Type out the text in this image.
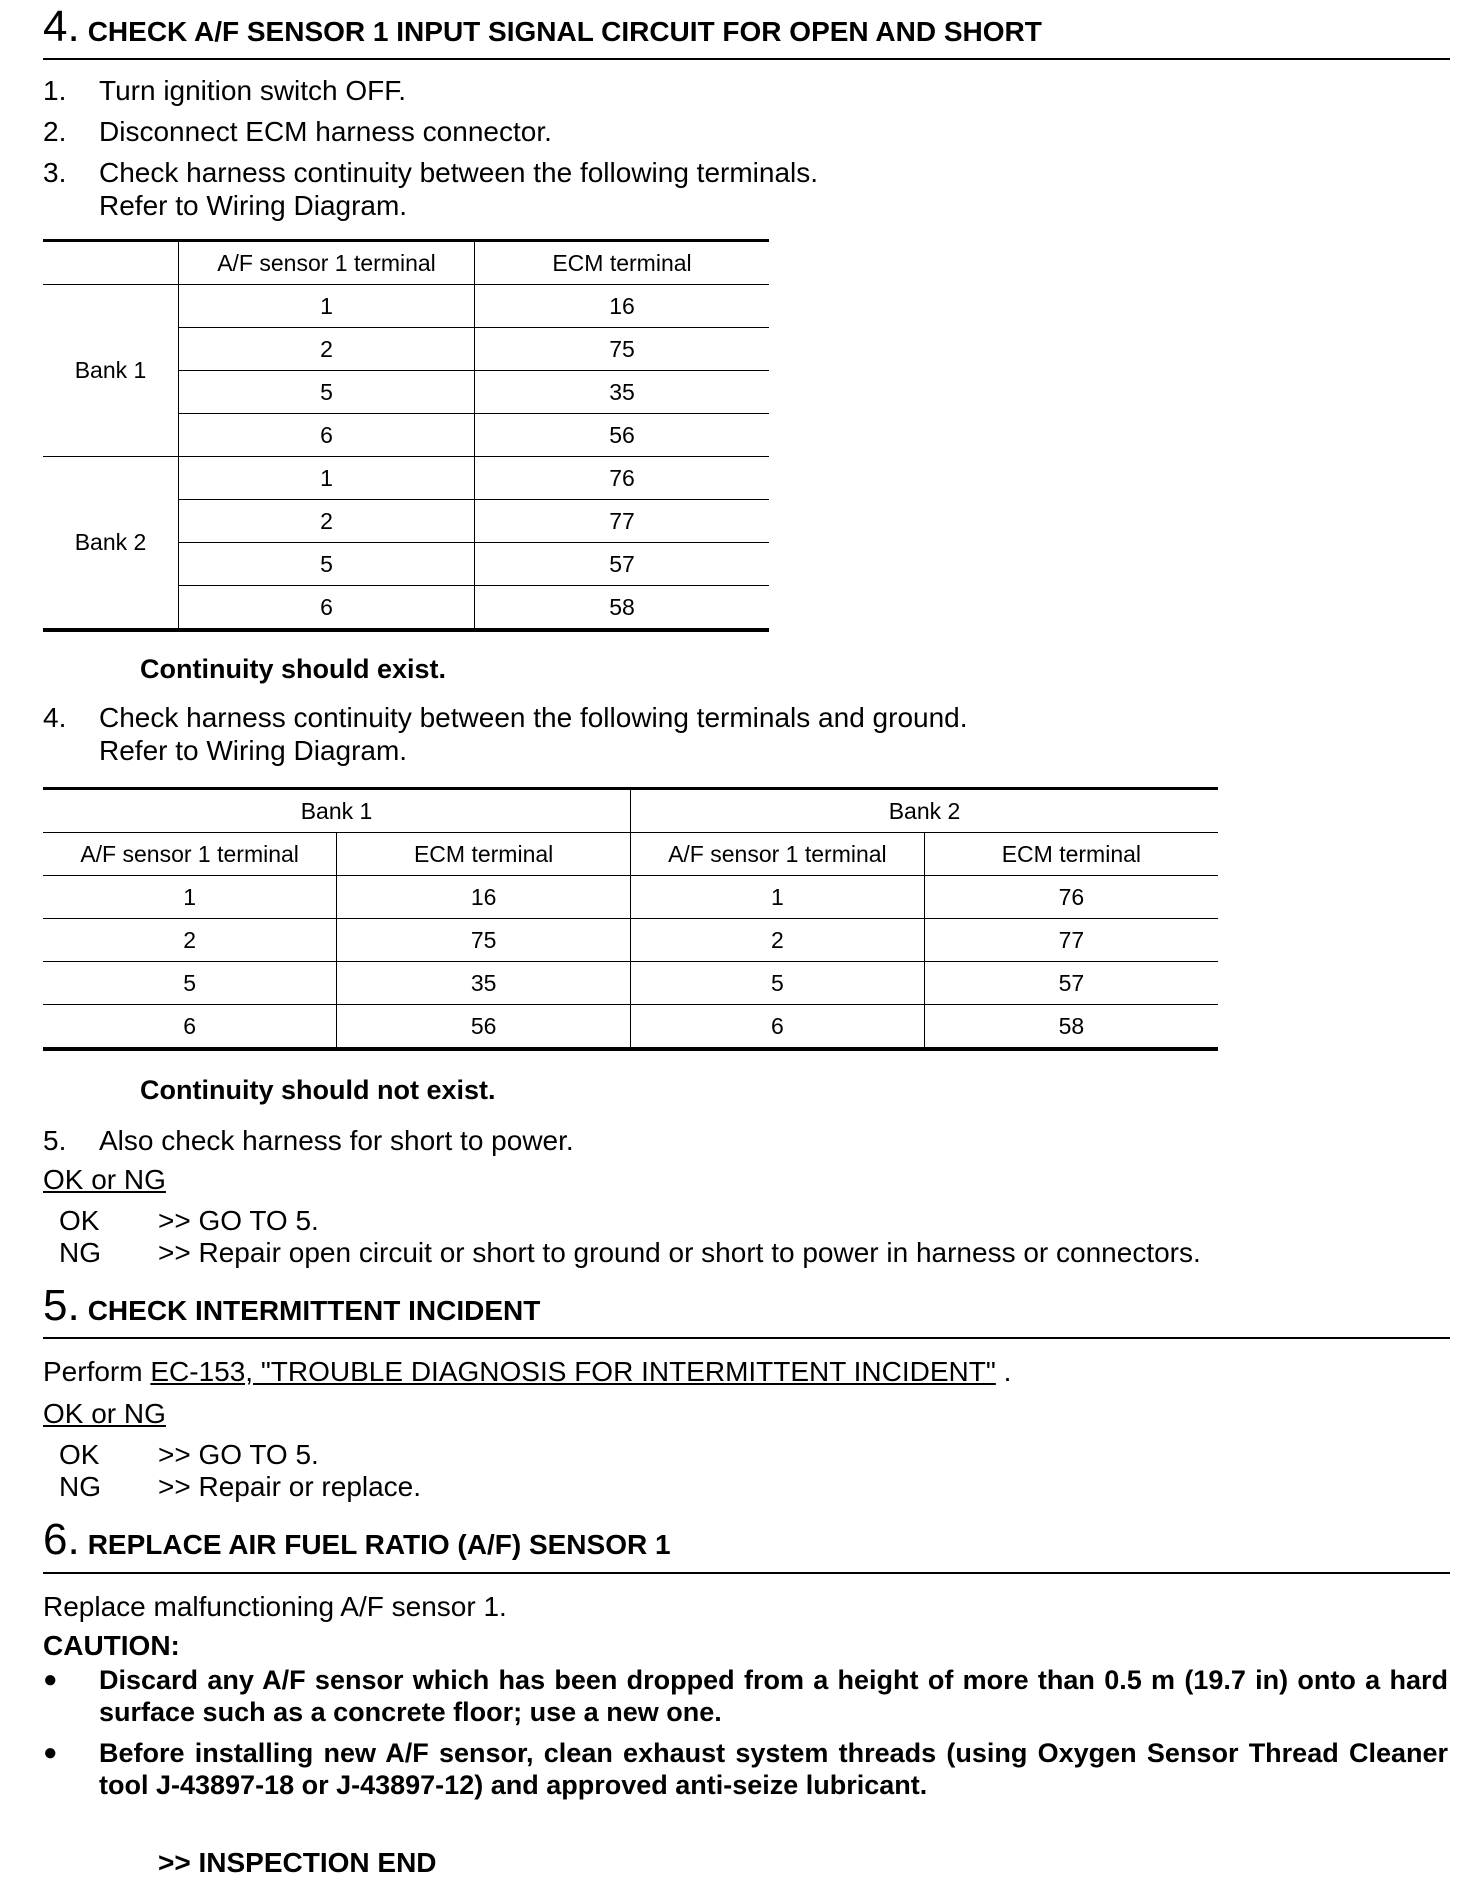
4. CHECK A/F SENSOR 1 INPUT SIGNAL CIRCUIT FOR OPEN AND SHORT
1. Turn ignition switch OFF.
2. Disconnect ECM harness connector.
3. Check harness continuity between the following terminals.
Refer to Wiring Diagram.
	A/F sensor 1 terminal	ECM terminal
Bank 1	1	16
	2	75
	5	35
	6	56
Bank 2	1	76
	2	77
	5	57
	6	58
Continuity should exist.
4. Check harness continuity between the following terminals and ground.
Refer to Wiring Diagram.
Bank 1		Bank 2	
A/F sensor 1 terminal	ECM terminal	A/F sensor 1 terminal	ECM terminal
1	16	1	76
2	75	2	77
5	35	5	57
6	56	6	58
Continuity should not exist.
5. Also check harness for short to power.
OK or NG
OK >> GO TO 5.
NG >> Repair open circuit or short to ground or short to power in harness or connectors.
5. CHECK INTERMITTENT INCIDENT
Perform EC-153, "TROUBLE DIAGNOSIS FOR INTERMITTENT INCIDENT" .
OK or NG
OK >> GO TO 5.
NG >> Repair or replace.
6. REPLACE AIR FUEL RATIO (A/F) SENSOR 1
Replace malfunctioning A/F sensor 1.
CAUTION:
● Discard any A/F sensor which has been dropped from a height of more than 0.5 m (19.7 in) onto a hard surface such as a concrete floor; use a new one.
● Before installing new A/F sensor, clean exhaust system threads (using Oxygen Sensor Thread Cleaner tool J-43897-18 or J-43897-12) and approved anti-seize lubricant.
>> INSPECTION END
